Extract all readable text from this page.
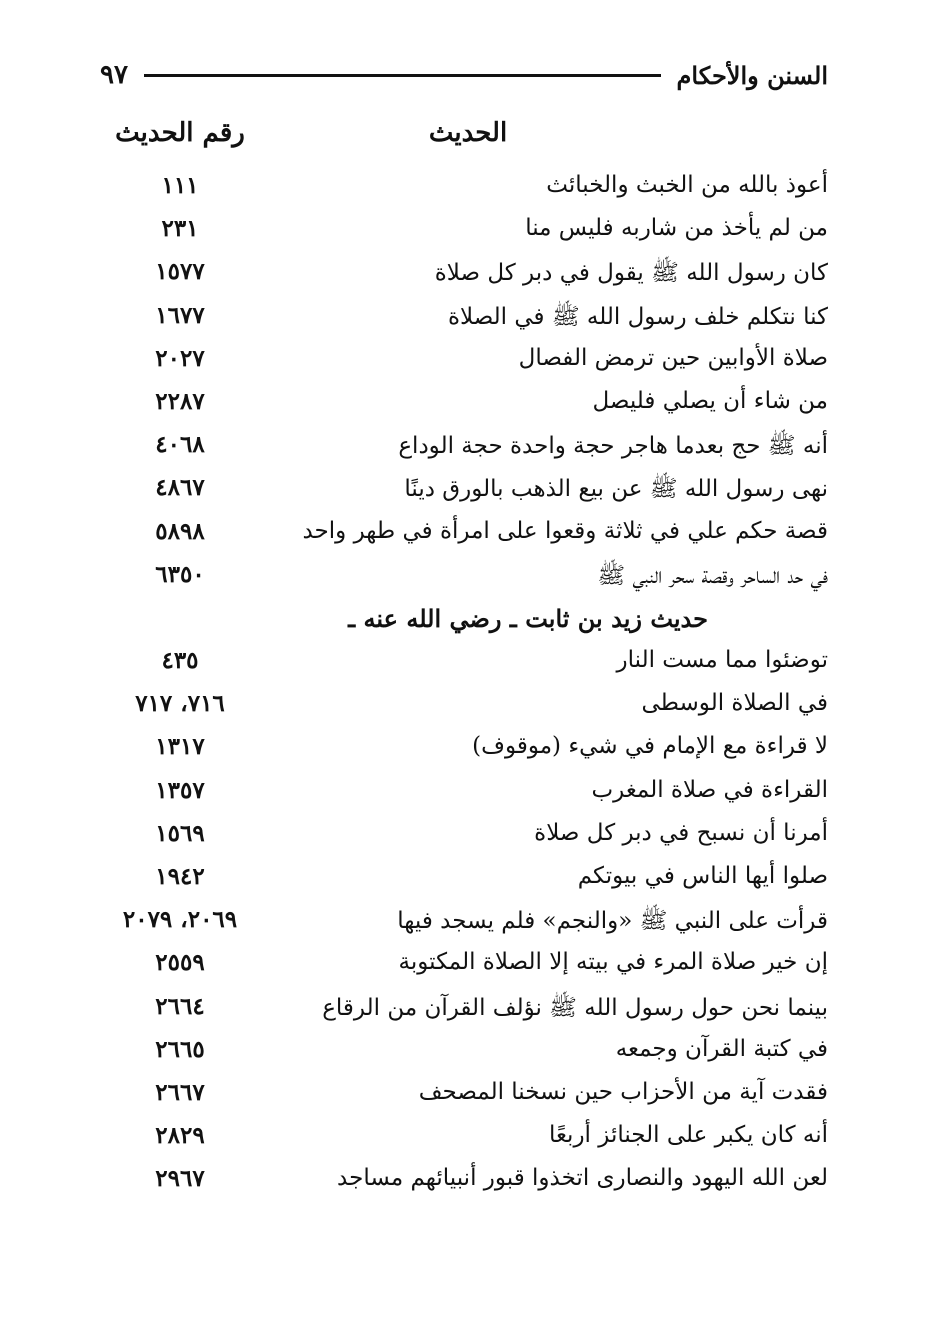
السنن والأحكام
٩٧
الحديث
رقم الحديث
أعوذ بالله من الخبث والخبائث
١١١
من لم يأخذ من شاربه فليس منا
٢٣١
كان رسول الله ﷺ يقول في دبر كل صلاة
١٥٧٧
كنا نتكلم خلف رسول الله ﷺ في الصلاة
١٦٧٧
صلاة الأوابين حين ترمض الفصال
٢٠٢٧
من شاء أن يصلي فليصل
٢٢٨٧
أنه ﷺ حج بعدما هاجر حجة واحدة حجة الوداع
٤٠٦٨
نهى رسول الله ﷺ عن بيع الذهب بالورق دينًا
٤٨٦٧
قصة حكم علي في ثلاثة وقعوا على امرأة في طهر واحد
٥٨٩٨
في حد الساحر وقصة سحر النبي ﷺ
٦٣٥٠
حديث زيد بن ثابت ـ رضي الله عنه ـ
توضئوا مما مست النار
٤٣٥
في الصلاة الوسطى
٧١٦، ٧١٧
لا قراءة مع الإمام في شيء (موقوف)
١٣١٧
القراءة في صلاة المغرب
١٣٥٧
أمرنا أن نسبح في دبر كل صلاة
١٥٦٩
صلوا أيها الناس في بيوتكم
١٩٤٢
قرأت على النبي ﷺ «والنجم» فلم يسجد فيها
٢٠٦٩، ٢٠٧٩
إن خير صلاة المرء في بيته إلا الصلاة المكتوبة
٢٥٥٩
بينما نحن حول رسول الله ﷺ نؤلف القرآن من الرقاع
٢٦٦٤
في كتبة القرآن وجمعه
٢٦٦٥
فقدت آية من الأحزاب حين نسخنا المصحف
٢٦٦٧
أنه كان يكبر على الجنائز أربعًا
٢٨٢٩
لعن الله اليهود والنصارى اتخذوا قبور أنبيائهم مساجد
٢٩٦٧
